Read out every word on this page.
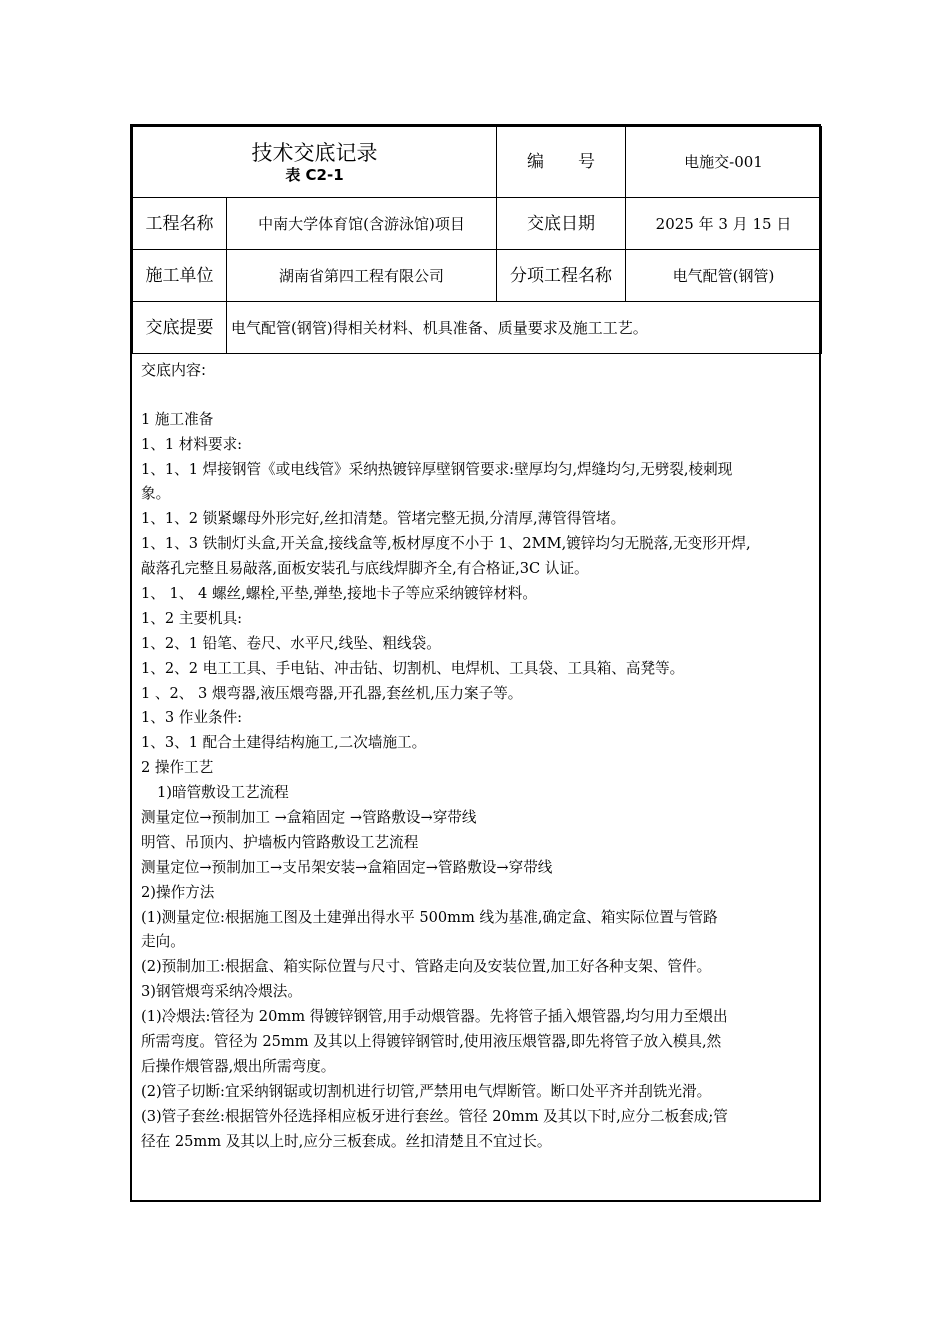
技术交底记录
表 C2-1		编　　号	电施交-001
工程名称	中南大学体育馆(含游泳馆)项目	交底日期	2025 年 3 月 15 日
施工单位	湖南省第四工程有限公司	分项工程名称	电气配管(钢管)
交底提要	电气配管(钢管)得相关材料、机具准备、质量要求及施工工艺。		
交底内容:
1 施工准备
1、1 材料要求:
1、1、1 焊接钢管《或电线管》采纳热镀锌厚壁钢管要求:壁厚均匀,焊缝均匀,无劈裂,棱刺现
象。
1、1、2 锁紧螺母外形完好,丝扣清楚。管堵完整无损,分清厚,薄管得管堵。
1、1、3 铁制灯头盒,开关盒,接线盒等,板材厚度不小于 1、2MM,镀锌均匀无脱落,无变形开焊,
敲落孔完整且易敲落,面板安装孔与底线焊脚齐全,有合格证,3C 认证。
1、 1、 4 螺丝,螺栓,平垫,弹垫,接地卡子等应采纳镀锌材料。
1、2 主要机具:
1、2、1 铅笔、卷尺、水平尺,线坠、粗线袋。
1、2、2 电工工具、手电钻、冲击钻、切割机、电焊机、工具袋、工具箱、高凳等。
1 、2、 3 煨弯器,液压煨弯器,开孔器,套丝机,压力案子等。
1、3 作业条件:
1、3、1 配合土建得结构施工,二次墙施工。
2 操作工艺
1)暗管敷设工艺流程
测量定位→预制加工 →盒箱固定 →管路敷设→穿带线
明管、吊顶内、护墙板内管路敷设工艺流程
测量定位→预制加工→支吊架安装→盒箱固定→管路敷设→穿带线
2)操作方法
(1)测量定位:根据施工图及土建弹出得水平 500mm 线为基准,确定盒、箱实际位置与管路
走向。
(2)预制加工:根据盒、箱实际位置与尺寸、管路走向及安装位置,加工好各种支架、管件。
3)钢管煨弯采纳冷煨法。
(1)冷煨法:管径为 20mm 得镀锌钢管,用手动煨管器。先将管子插入煨管器,均匀用力至煨出
所需弯度。管径为 25mm 及其以上得镀锌钢管时,使用液压煨管器,即先将管子放入模具,然
后操作煨管器,煨出所需弯度。
(2)管子切断:宜采纳钢锯或切割机进行切管,严禁用电气焊断管。断口处平齐并刮铣光滑。
(3)管子套丝:根据管外径选择相应板牙进行套丝。管径 20mm 及其以下时,应分二板套成;管
径在 25mm 及其以上时,应分三板套成。丝扣清楚且不宜过长。
